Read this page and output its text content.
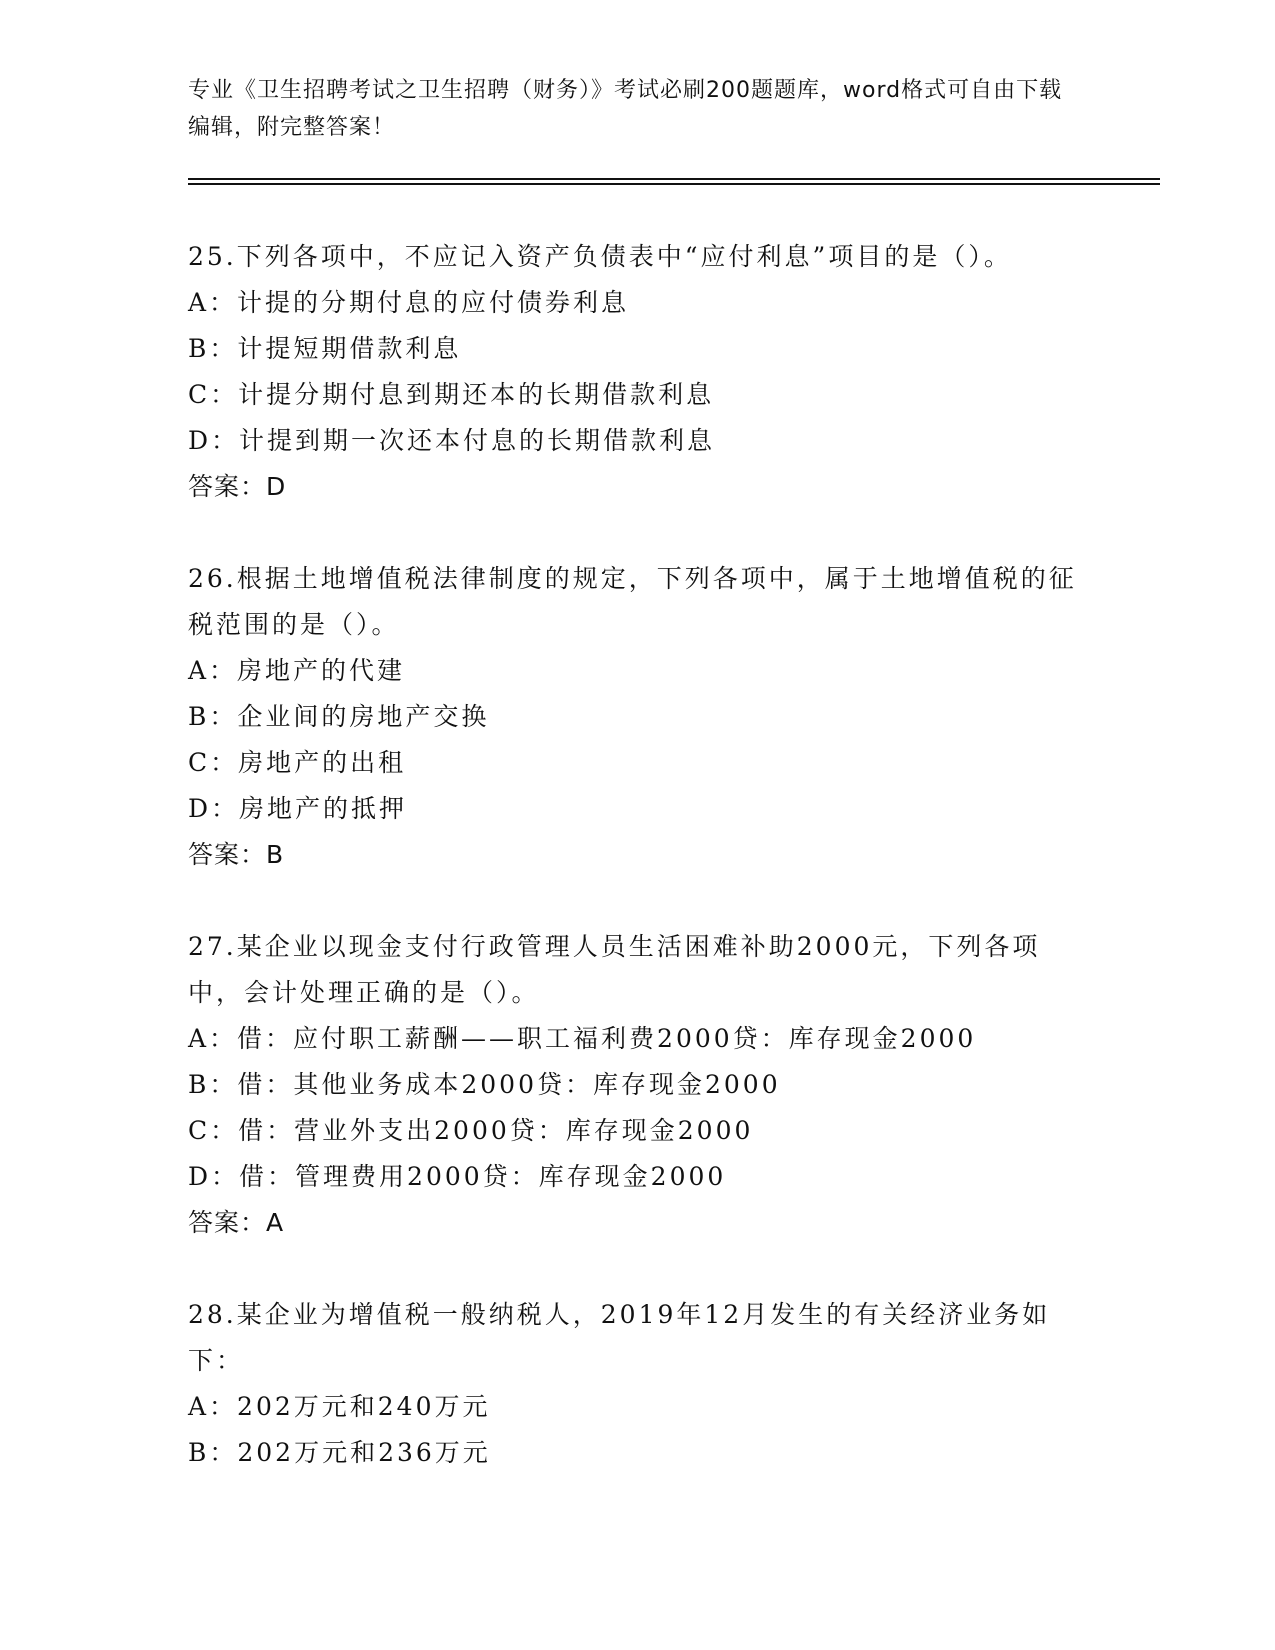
专业《卫生招聘考试之卫生招聘（财务）》考试必刷200题题库，word格式可自由下载编辑，附完整答案！
25.下列各项中，不应记入资产负债表中“应付利息”项目的是（）。
A：计提的分期付息的应付债券利息
B：计提短期借款利息
C：计提分期付息到期还本的长期借款利息
D：计提到期一次还本付息的长期借款利息
答案：D
26.根据土地增值税法律制度的规定，下列各项中，属于土地增值税的征税范围的是（）。
A：房地产的代建
B：企业间的房地产交换
C：房地产的出租
D：房地产的抵押
答案：B
27.某企业以现金支付行政管理人员生活困难补助2000元，下列各项中，会计处理正确的是（）。
A：借：应付职工薪酬——职工福利费2000贷：库存现金2000
B：借：其他业务成本2000贷：库存现金2000
C：借：营业外支出2000贷：库存现金2000
D：借：管理费用2000贷：库存现金2000
答案：A
28.某企业为增值税一般纳税人，2019年12月发生的有关经济业务如下：
A：202万元和240万元
B：202万元和236万元
